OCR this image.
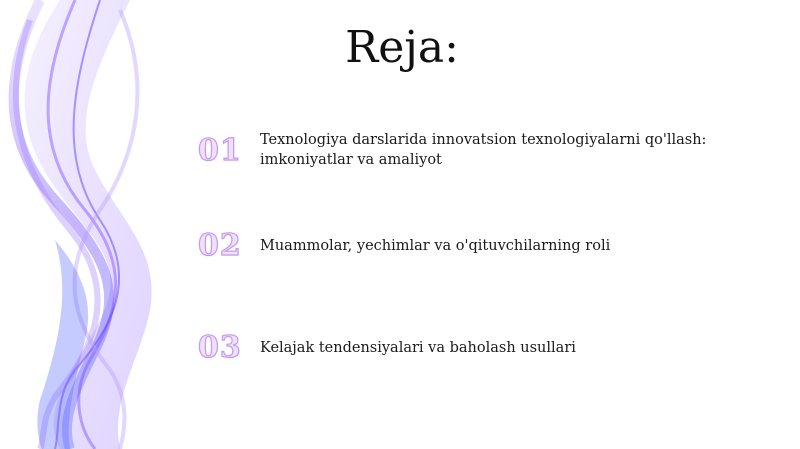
Reja:
01	Texnologiya darslarida innovatsion texnologiyalarni qo'llash:
imkoniyatlar va amaliyot
02	Muammolar, yechimlar va o'qituvchilarning roli
03	Kelajak tendensiyalari va baholash usullari
